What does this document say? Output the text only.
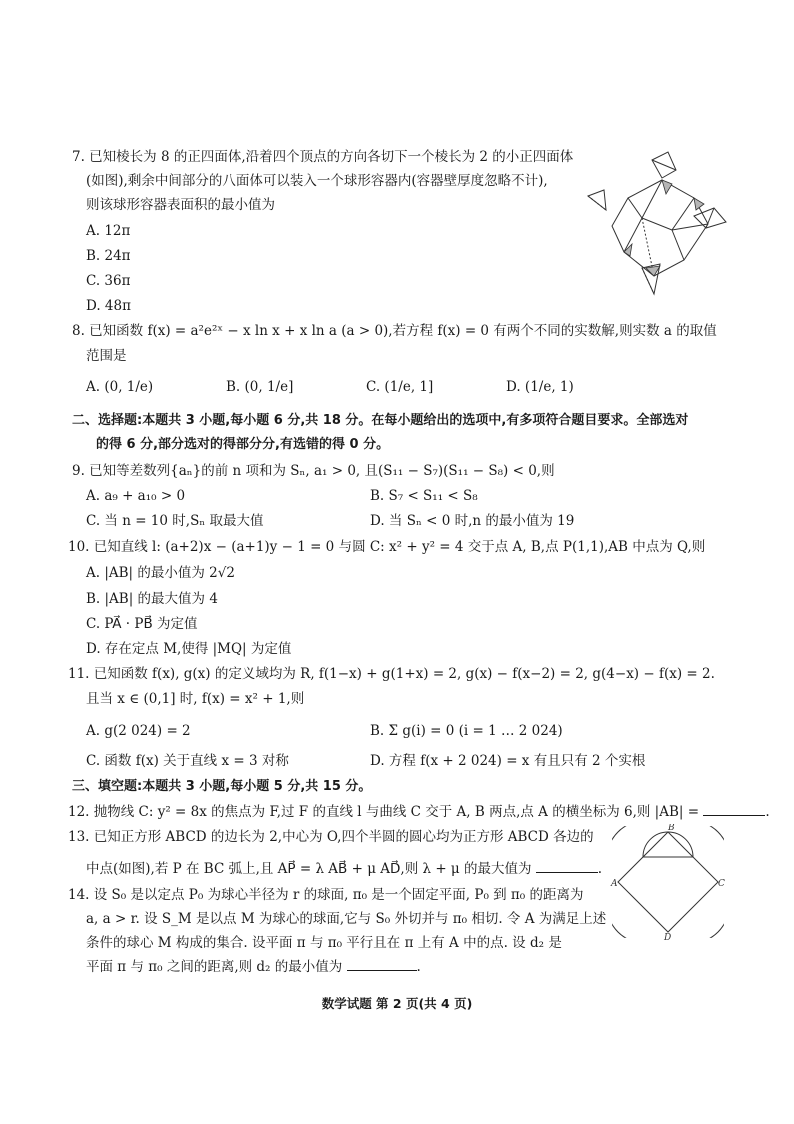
7. 已知棱长为 8 的正四面体,沿着四个顶点的方向各切下一个棱长为 2 的小正四面体
(如图),剩余中间部分的八面体可以装入一个球形容器内(容器壁厚度忽略不计),
则该球形容器表面积的最小值为
A. 12π
B. 24π
C. 36π
D. 48π
8. 已知函数 f(x) = a²e²ˣ − x ln x + x ln a (a > 0),若方程 f(x) = 0 有两个不同的实数解,则实数 a 的取值
范围是
A. (0, 1/e)	B. (0, 1/e]	C. (1/e, 1]	D. (1/e, 1)
二、选择题:本题共 3 小题,每小题 6 分,共 18 分。在每小题给出的选项中,有多项符合题目要求。全部选对
的得 6 分,部分选对的得部分分,有选错的得 0 分。
9. 已知等差数列{aₙ}的前 n 项和为 Sₙ, a₁ > 0, 且(S₁₁ − S₇)(S₁₁ − S₈) < 0,则
A. a₉ + a₁₀ > 0	B. S₇ < S₁₁ < S₈
C. 当 n = 10 时,Sₙ 取最大值	D. 当 Sₙ < 0 时,n 的最小值为 19
10. 已知直线 l: (a+2)x − (a+1)y − 1 = 0 与圆 C: x² + y² = 4 交于点 A, B,点 P(1,1),AB 中点为 Q,则
A. |AB| 的最小值为 2√2
B. |AB| 的最大值为 4
C. PA⃗ · PB⃗ 为定值
D. 存在定点 M,使得 |MQ| 为定值
11. 已知函数 f(x), g(x) 的定义域均为 R, f(1−x) + g(1+x) = 2, g(x) − f(x−2) = 2, g(4−x) − f(x) = 2.
且当 x ∈ (0,1] 时, f(x) = x² + 1,则
A. g(2 024) = 2	B. Σ g(i) = 0 (i = 1 … 2 024)
C. 函数 f(x) 关于直线 x = 3 对称	D. 方程 f(x + 2 024) = x 有且只有 2 个实根
三、填空题:本题共 3 小题,每小题 5 分,共 15 分。
12. 抛物线 C: y² = 8x 的焦点为 F,过 F 的直线 l 与曲线 C 交于 A, B 两点,点 A 的横坐标为 6,则 |AB| =	.
13. 已知正方形 ABCD 的边长为 2,中心为 O,四个半圆的圆心均为正方形 ABCD 各边的
中点(如图),若 P 在 BC 弧上,且 AP⃗ = λ AB⃗ + μ AD⃗,则 λ + μ 的最大值为	.
A
B
C
D
14. 设 S₀ 是以定点 P₀ 为球心半径为 r 的球面, π₀ 是一个固定平面, P₀ 到 π₀ 的距离为
a, a > r. 设 S_M 是以点 M 为球心的球面,它与 S₀ 外切并与 π₀ 相切. 令 A 为满足上述
条件的球心 M 构成的集合. 设平面 π 与 π₀ 平行且在 π 上有 A 中的点. 设 d₂ 是
平面 π 与 π₀ 之间的距离,则 d₂ 的最小值为	.
数学试题 第 2 页(共 4 页)
